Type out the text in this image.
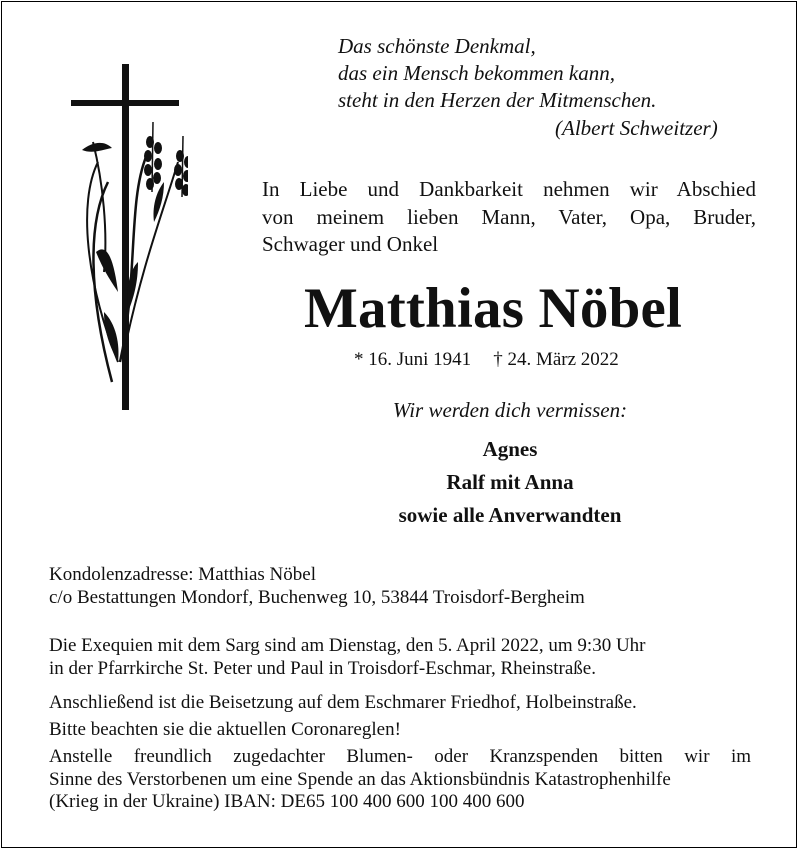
Das schönste Denkmal,
das ein Mensch bekommen kann,
steht in den Herzen der Mitmenschen.
(Albert Schweitzer)
In Liebe und Dankbarkeit nehmen wir Abschied
von meinem lieben Mann, Vater, Opa, Bruder,
Schwager und Onkel
Matthias Nöbel
* 16. Juni 1941 † 24. März 2022
Wir werden dich vermissen:
Agnes
Ralf mit Anna
sowie alle Anverwandten
Kondolenzadresse: Matthias Nöbel
c/o Bestattungen Mondorf, Buchenweg 10, 53844 Troisdorf-Bergheim
Die Exequien mit dem Sarg sind am Dienstag, den 5. April 2022, um 9:30 Uhr
in der Pfarrkirche St. Peter und Paul in Troisdorf-Eschmar, Rheinstraße.
Anschließend ist die Beisetzung auf dem Eschmarer Friedhof, Holbeinstraße.
Bitte beachten sie die aktuellen Coronareglen!
Anstelle freundlich zugedachter Blumen- oder Kranzspenden bitten wir im
Sinne des Verstorbenen um eine Spende an das Aktionsbündnis Katastrophenhilfe
(Krieg in der Ukraine) IBAN: DE65 100 400 600 100 400 600
